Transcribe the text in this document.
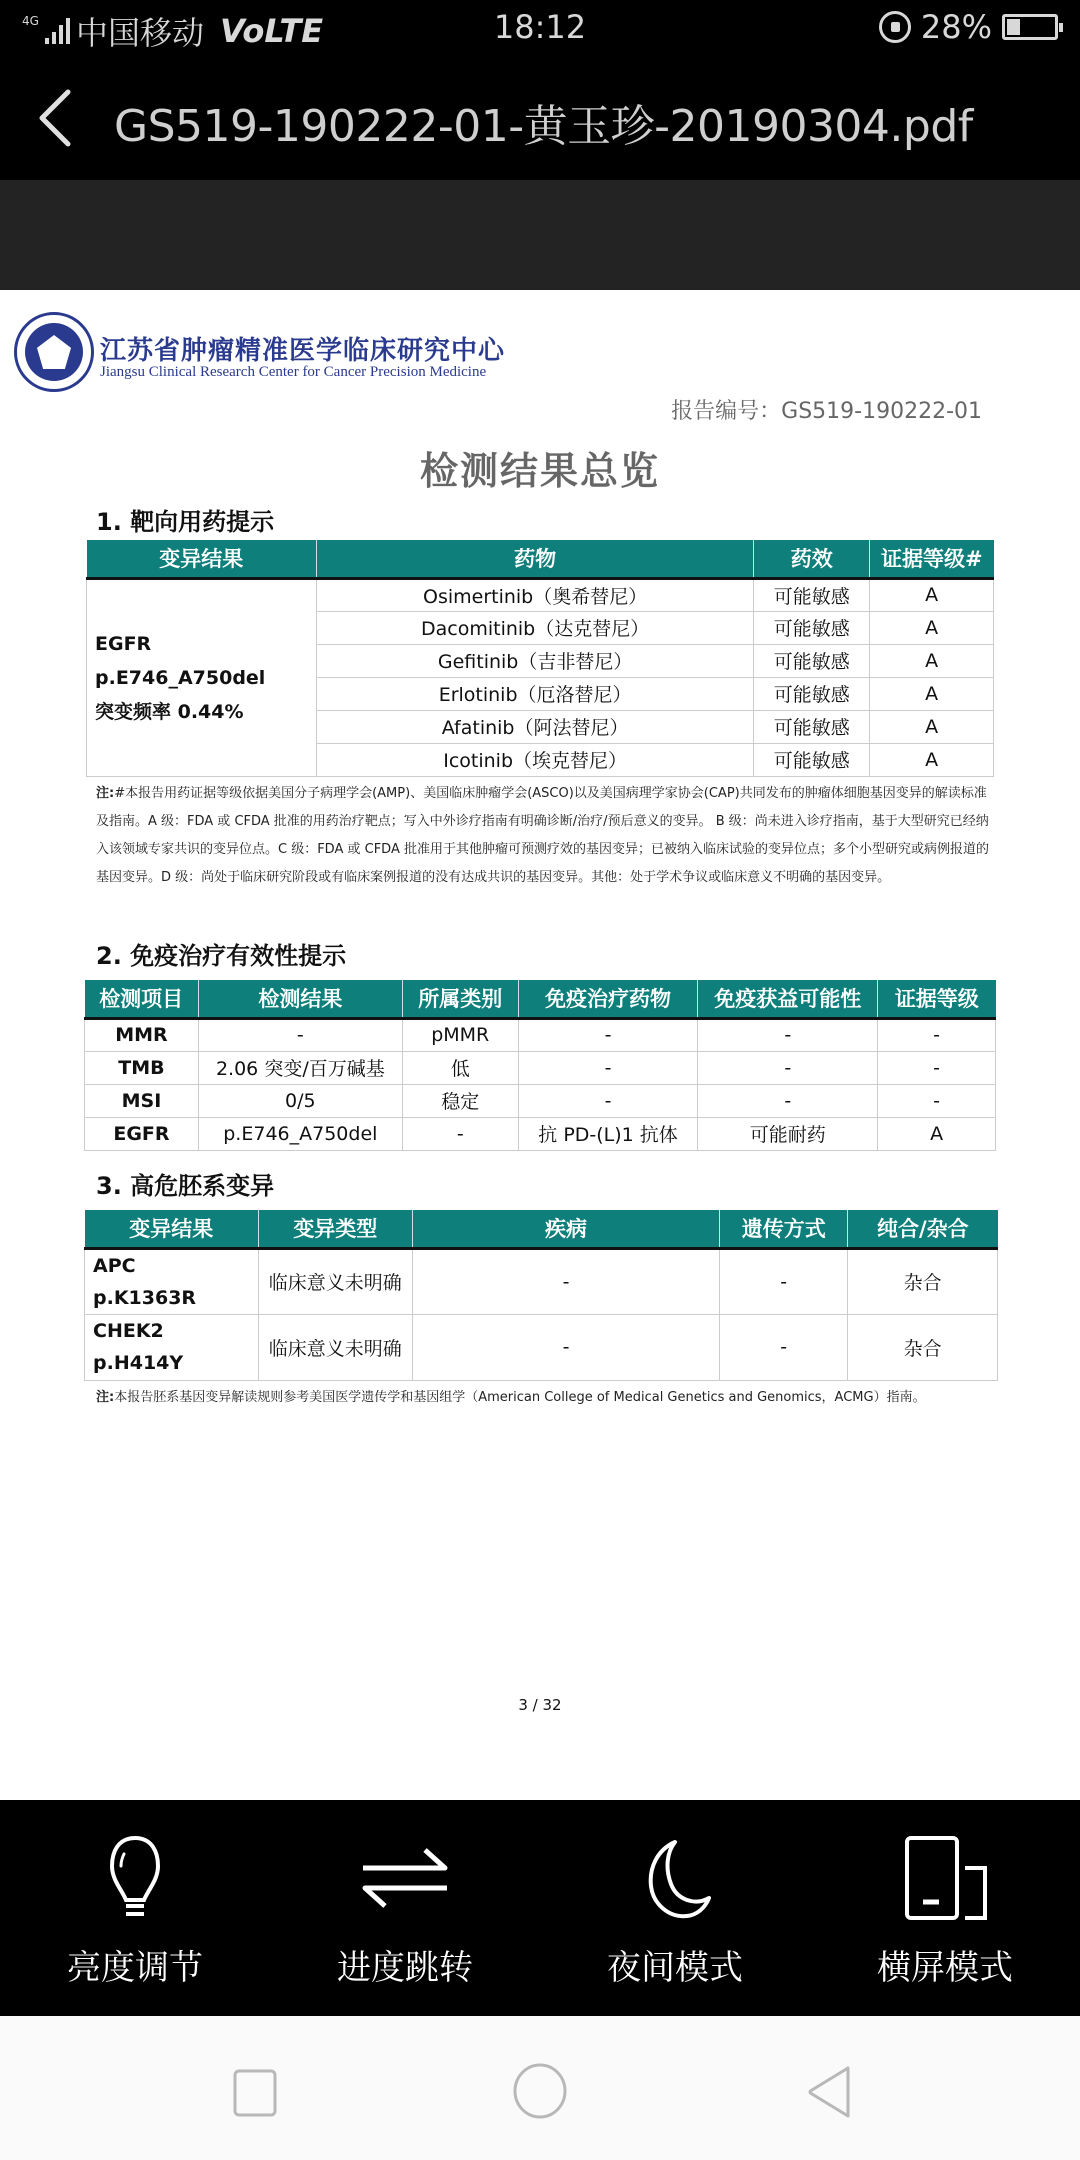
4G 中国移动 VoLTE	18:12	28%
GS519-190222-01-黄玉珍-20190304.pdf
江苏省肿瘤精准医学临床研究中心
Jiangsu Clinical Research Center for Cancer Precision Medicine
报告编号：GS519-190222-01
检测结果总览
1. 靶向用药提示
变异结果	药物	药效	证据等级#

EGFR
p.E746_A750del
突变频率 0.44%	Osimertinib（奥希替尼）	可能敏感	A
	Dacomitinib（达克替尼）	可能敏感	A
	Gefitinib（吉非替尼）	可能敏感	A
	Erlotinib（厄洛替尼）	可能敏感	A
	Afatinib（阿法替尼）	可能敏感	A
	Icotinib（埃克替尼）	可能敏感	A
注:#本报告用药证据等级依据美国分子病理学会(AMP)、美国临床肿瘤学会(ASCO)以及美国病理学家协会(CAP)共同发布的肿瘤体细胞基因变异的解读标准及指南。A 级：FDA 或 CFDA 批准的用药治疗靶点；写入中外诊疗指南有明确诊断/治疗/预后意义的变异。 B 级：尚未进入诊疗指南，基于大型研究已经纳入该领域专家共识的变异位点。C 级：FDA 或 CFDA 批准用于其他肿瘤可预测疗效的基因变异；已被纳入临床试验的变异位点；多个小型研究或病例报道的基因变异。D 级：尚处于临床研究阶段或有临床案例报道的没有达成共识的基因变异。其他：处于学术争议或临床意义不明确的基因变异。
2. 免疫治疗有效性提示
检测项目	检测结果	所属类别	免疫治疗药物	免疫获益可能性	证据等级
MMR	-	pMMR	-	-	-
TMB	2.06 突变/百万碱基	低	-	-	-
MSI	0/5	稳定	-	-	-
EGFR	p.E746_A750del	-	抗 PD-(L)1 抗体	可能耐药	A
3. 高危胚系变异
变异结果	变异类型	疾病	遗传方式	纯合/杂合

APC
p.K1363R	临床意义未明确	-	-	杂合

CHEK2
p.H414Y	临床意义未明确	-	-	杂合
注:本报告胚系基因变异解读规则参考美国医学遗传学和基因组学（American College of Medical Genetics and Genomics，ACMG）指南。
3 / 32
亮度调节	进度跳转	夜间模式	横屏模式
